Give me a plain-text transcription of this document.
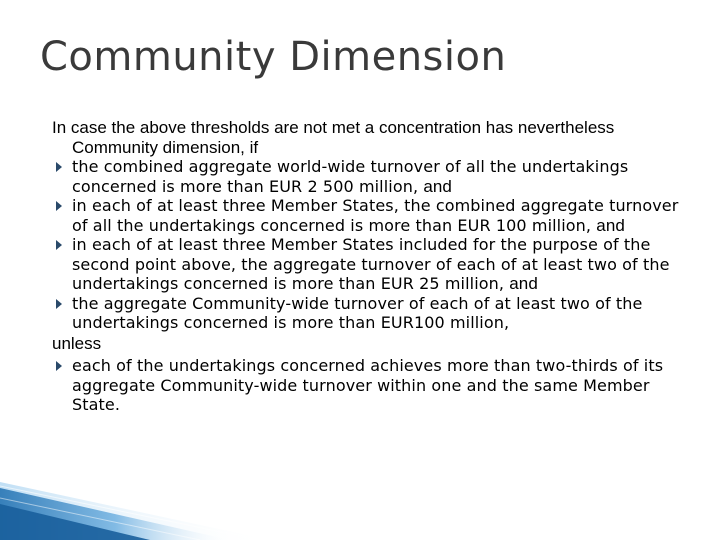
Community Dimension
In case the above thresholds are not met a concentration has nevertheless Community dimension, if
the combined aggregate world-wide turnover of all the undertakings concerned is more than EUR 2 500 million, and
in each of at least three Member States, the combined aggregate turnover of all the undertakings concerned is more than EUR 100 million, and
in each of at least three Member States included for the purpose of the second point above, the aggregate turnover of each of at least two of the undertakings concerned is more than EUR 25 million, and
the aggregate Community-wide turnover of each of at least two of the undertakings concerned is more than EUR100 million,
unless
each of the undertakings concerned achieves more than two-thirds of its aggregate Community-wide turnover within one and the same Member State.
